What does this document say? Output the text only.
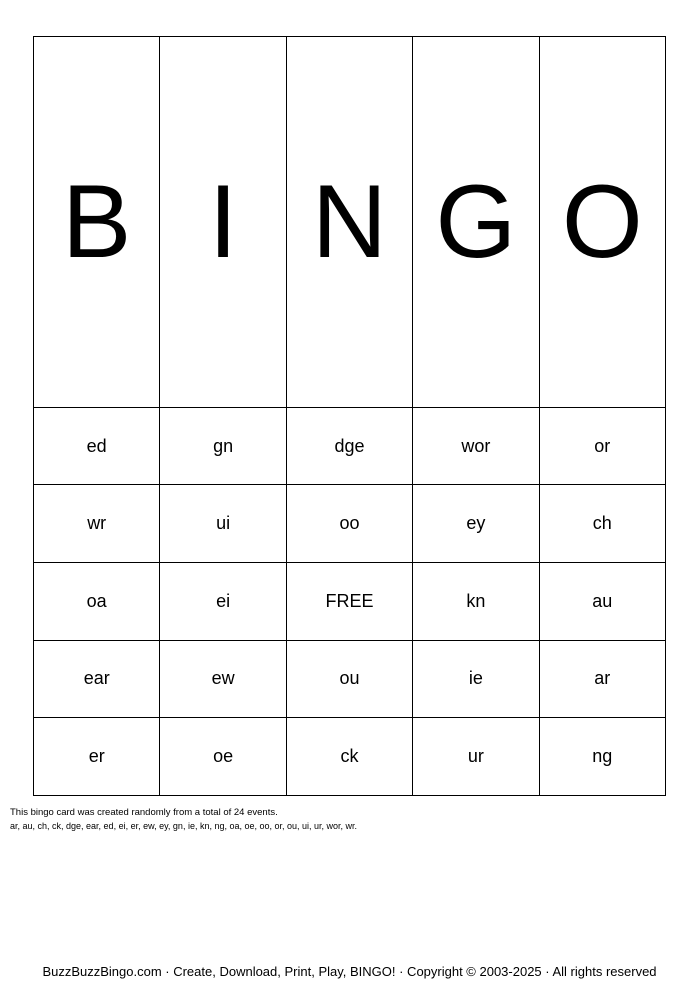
B	I	N	G	O
ed	gn	dge	wor	or
wr	ui	oo	ey	ch
oa	ei	FREE	kn	au
ear	ew	ou	ie	ar
er	oe	ck	ur	ng
This bingo card was created randomly from a total of 24 events.
ar, au, ch, ck, dge, ear, ed, ei, er, ew, ey, gn, ie, kn, ng, oa, oe, oo, or, ou, ui, ur, wor, wr.
BuzzBuzzBingo.com · Create, Download, Print, Play, BINGO! · Copyright © 2003-2025 · All rights reserved
